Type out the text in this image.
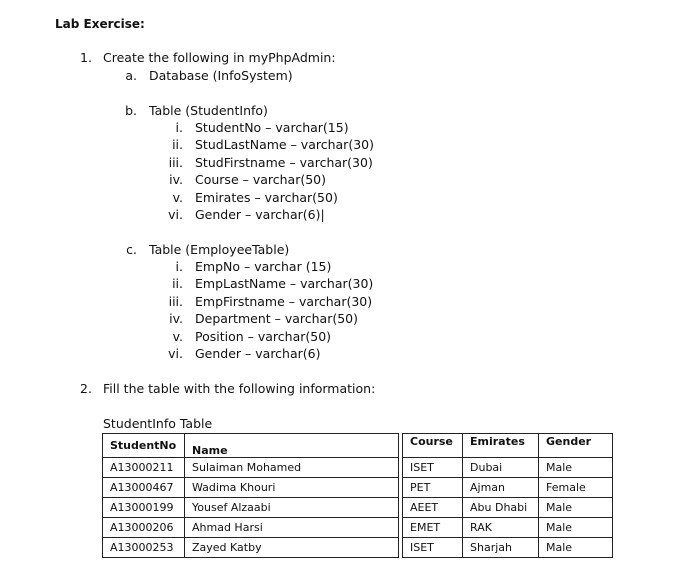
Lab Exercise:
1. Create the following in myPhpAdmin:
a. Database (InfoSystem)
b. Table (StudentInfo)
i. StudentNo – varchar(15)
ii. StudLastName – varchar(30)
iii. StudFirstname – varchar(30)
iv. Course – varchar(50)
v. Emirates – varchar(50)
vi. Gender – varchar(6)|
c. Table (EmployeeTable)
i. EmpNo – varchar (15)
ii. EmpLastName – varchar(30)
iii. EmpFirstname – varchar(30)
iv. Department – varchar(50)
v. Position – varchar(50)
vi. Gender – varchar(6)
2. Fill the table with the following information:
StudentInfo Table
StudentNo	Name		Course	Emirates	Gender
A13000211	Sulaiman Mohamed		ISET	Dubai	Male
A13000467	Wadima Khouri		PET	Ajman	Female
A13000199	Yousef Alzaabi		AEET	Abu Dhabi	Male
A13000206	Ahmad Harsi		EMET	RAK	Male
A13000253	Zayed Katby		ISET	Sharjah	Male
